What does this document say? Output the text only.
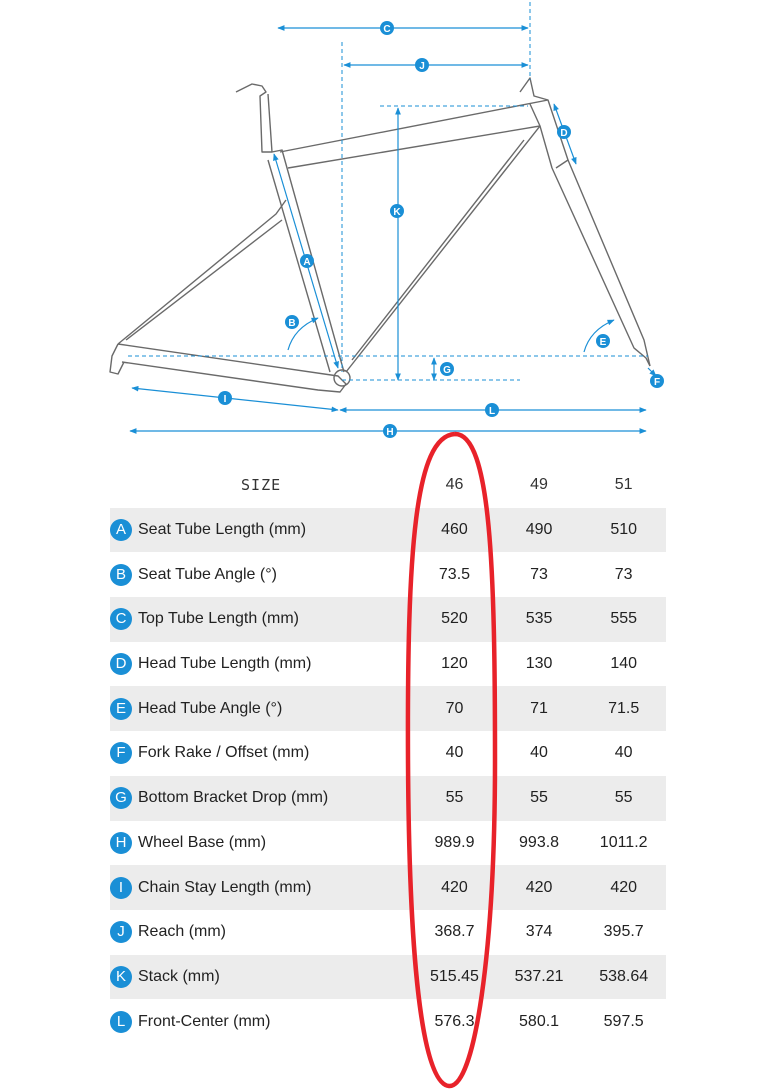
C
J
D
K
A
B
E
G
F
I
L
H
SIZE	46	49	51
A Seat Tube Length (mm)	460	490	510
B Seat Tube Angle (°)	73.5	73	73
C Top Tube Length (mm)	520	535	555
D Head Tube Length (mm)	120	130	140
E Head Tube Angle (°)	70	71	71.5
F Fork Rake / Offset (mm)	40	40	40
G Bottom Bracket Drop (mm)	55	55	55
H Wheel Base (mm)	989.9	993.8	1011.2
I Chain Stay Length (mm)	420	420	420
J Reach (mm)	368.7	374	395.7
K Stack (mm)	515.45	537.21	538.64
L Front-Center (mm)	576.3	580.1	597.5
